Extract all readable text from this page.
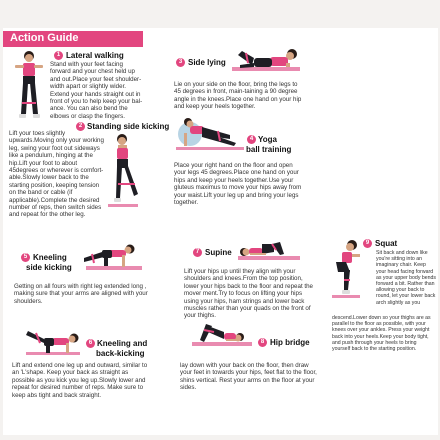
Action Guide
1 Lateral walking
Stand with your feet facing forward and your chest held up and out.Place your feet shoulder-width apart or slightly wider. Extend your hands straight out in front of you to help keep your bal-ance. You can also bend the elbows or clasp the fingers.
2 Standing side kicking
Lift your toes slightly upwards.Moving only your working leg, swing your foot out sideways like a pendulum, hinging at the hip.Lift your foot to about 45degrees or wherever is comfort-able.Slowly lower back to the starting position, keeping tension on the band or cable (if applicable).Complete the desired number of reps, then switch sides and repeat for the other leg.
3 Side lying
Lie on your side on the floor, bring the legs to 45 degrees in front, main-taining a 90 degree angle in the knees.Place one hand on your hip and keep your heels together.
4 Yoga
ball training
Place your right hand on the floor and open your legs 45 degrees.Place one hand on your hips and keep your heels together.Use your gluteus maximus to move your hips away from your waist.Lift your leg up and bring your legs together.
5 Kneeling
side kicking
Getting on all fours with right leg extended long , making sure that your arms are aligned with your shoulders.
6 Kneeling and
back-kicking
Lift and extend one leg up and outward, similar to an 'L'shape. Keep your back as straight as possible as you kick you leg up.Slowly lower and repeat for desired number of reps. Make sure to keep abs tight and back straight.
7 Supine
Lift your hips up until they align with your shoulders and knees.From the top position, lower your hips back to the floor and repeat the mover ment.Try to focus on lifting your hips using your hips, ham strings and lower back muscles rather than your quads on the front of your thighs.
8 Hip bridge
lay down with your back on the floor, then draw your feet in towards your hips, feet flat to the floor, shins vertical. Rest your arms on the floor at your sides.
9 Squat
Sit back and down like you're sitting into an imaginary chair. Keep your head facing forward as your upper body bends forward a bit. Rather than allowing your back to round, let your lower back arch slightly as you
descend.Lower down so your thighs are as parallel to the floor as possible, with your knees over your ankles. Press your weight back into your heels.Keep your body tight, and push through your heels to bring yourself back to the starting position.
